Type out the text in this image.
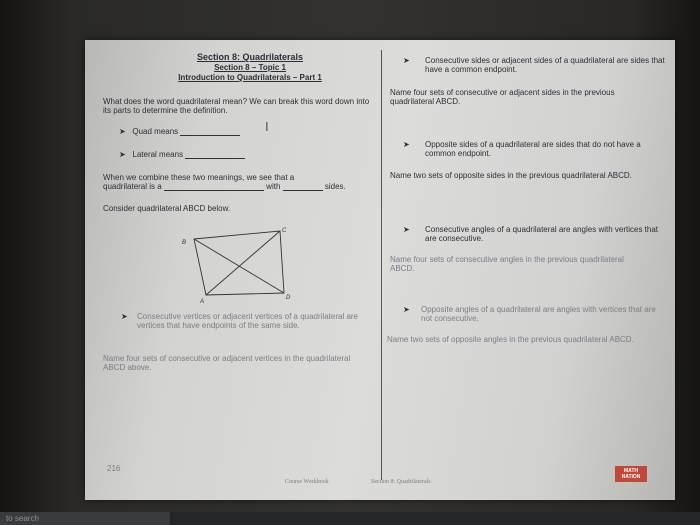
Section 8: Quadrilaterals
Section 8 – Topic 1
Introduction to Quadrilaterals – Part 1
What does the word quadrilateral mean? We can break this word down into its parts to determine the definition.
➤ Quad means	I
➤ Lateral means
When we combine these two meanings, we see that a
quadrilateral is a	with	sides.
Consider quadrilateral ABCD below.
B
C
D
A
➤ Consecutive vertices or adjacent vertices of a quadrilateral are vertices that have endpoints of the same side.
Name four sets of consecutive or adjacent vertices in the quadrilateral ABCD above.
➤ Consecutive sides or adjacent sides of a quadrilateral are sides that have a common endpoint.
Name four sets of consecutive or adjacent sides in the previous quadrilateral ABCD.
➤ Opposite sides of a quadrilateral are sides that do not have a common endpoint.
Name two sets of opposite sides in the previous quadrilateral ABCD.
➤ Consecutive angles of a quadrilateral are angles with vertices that are consecutive.
Name four sets of consecutive angles in the previous quadrilateral ABCD.
➤ Opposite angles of a quadrilateral are angles with vertices that are not consecutive.
Name two sets of opposite angles in the previous quadrilateral ABCD.
216
Course Workbook	Section 8: Quadrilaterals
MATH NATION
to search
